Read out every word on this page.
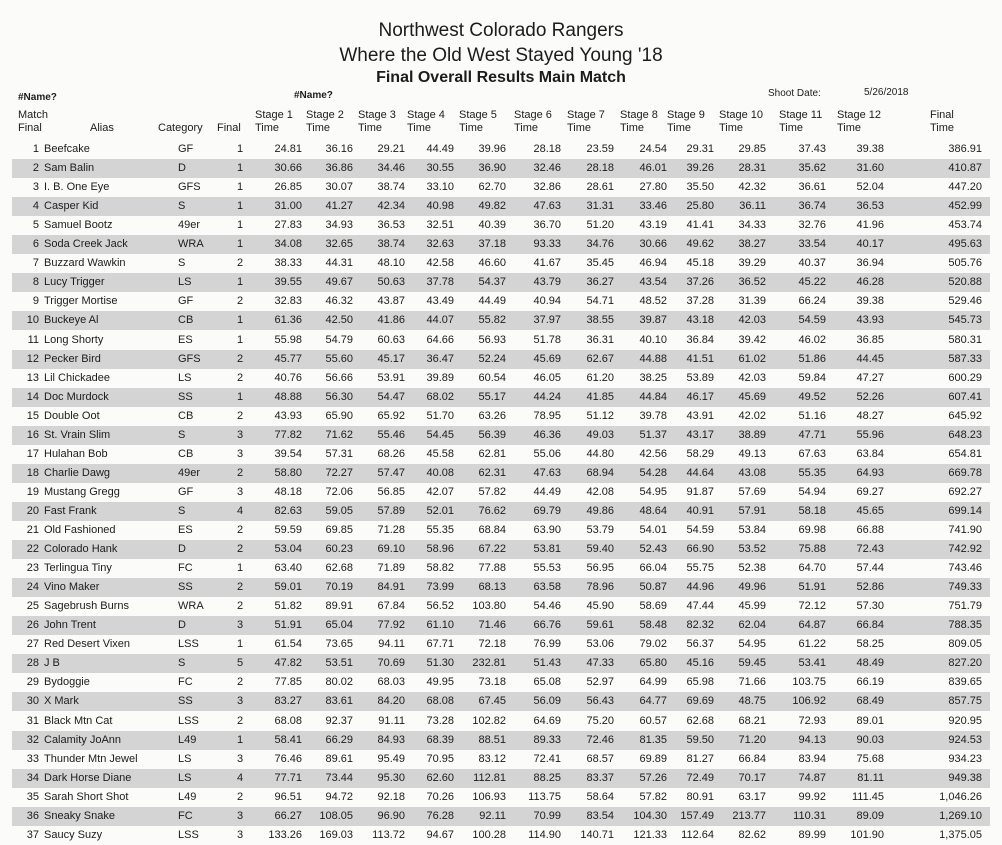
Northwest Colorado Rangers
Where the Old West Stayed Young '18
Final Overall Results Main Match
#Name?	#Name?	Shoot Date:	5/26/2018
Match
Final	Alias	Category	Final
Stage 1
Time
Stage 2
Time
Stage 3
Time
Stage 4
Time
Stage 5
Time
Stage 6
Time
Stage 7
Time
Stage 8
Time
Stage 9
Time
Stage 10
Time
Stage 11
Time
Stage 12
Time
Final
Time
1 Beefcake	GF	1	24.81	36.16	29.21	44.49	39.96	28.18	23.59	24.54	29.31	29.85	37.43	39.38	386.91
2 Sam Balin	D	1	30.66	36.86	34.46	30.55	36.90	32.46	28.18	46.01	39.26	28.31	35.62	31.60	410.87
3 I. B. One Eye	GFS	1	26.85	30.07	38.74	33.10	62.70	32.86	28.61	27.80	35.50	42.32	36.61	52.04	447.20
4 Casper Kid	S	1	31.00	41.27	42.34	40.98	49.82	47.63	31.31	33.46	25.80	36.11	36.74	36.53	452.99
5 Samuel Bootz	49er	1	27.83	34.93	36.53	32.51	40.39	36.70	51.20	43.19	41.41	34.33	32.76	41.96	453.74
6 Soda Creek Jack	WRA	1	34.08	32.65	38.74	32.63	37.18	93.33	34.76	30.66	49.62	38.27	33.54	40.17	495.63
7 Buzzard Wawkin	S	2	38.33	44.31	48.10	42.58	46.60	41.67	35.45	46.94	45.18	39.29	40.37	36.94	505.76
8 Lucy Trigger	LS	1	39.55	49.67	50.63	37.78	54.37	43.79	36.27	43.54	37.26	36.52	45.22	46.28	520.88
9 Trigger Mortise	GF	2	32.83	46.32	43.87	43.49	44.49	40.94	54.71	48.52	37.28	31.39	66.24	39.38	529.46
10 Buckeye Al	CB	1	61.36	42.50	41.86	44.07	55.82	37.97	38.55	39.87	43.18	42.03	54.59	43.93	545.73
11 Long Shorty	ES	1	55.98	54.79	60.63	64.66	56.93	51.78	36.31	40.10	36.84	39.42	46.02	36.85	580.31
12 Pecker Bird	GFS	2	45.77	55.60	45.17	36.47	52.24	45.69	62.67	44.88	41.51	61.02	51.86	44.45	587.33
13 Lil Chickadee	LS	2	40.76	56.66	53.91	39.89	60.54	46.05	61.20	38.25	53.89	42.03	59.84	47.27	600.29
14 Doc Murdock	SS	1	48.88	56.30	54.47	68.02	55.17	44.24	41.85	44.84	46.17	45.69	49.52	52.26	607.41
15 Double Oot	CB	2	43.93	65.90	65.92	51.70	63.26	78.95	51.12	39.78	43.91	42.02	51.16	48.27	645.92
16 St. Vrain Slim	S	3	77.82	71.62	55.46	54.45	56.39	46.36	49.03	51.37	43.17	38.89	47.71	55.96	648.23
17 Hulahan Bob	CB	3	39.54	57.31	68.26	45.58	62.81	55.06	44.80	42.56	58.29	49.13	67.63	63.84	654.81
18 Charlie Dawg	49er	2	58.80	72.27	57.47	40.08	62.31	47.63	68.94	54.28	44.64	43.08	55.35	64.93	669.78
19 Mustang Gregg	GF	3	48.18	72.06	56.85	42.07	57.82	44.49	42.08	54.95	91.87	57.69	54.94	69.27	692.27
20 Fast Frank	S	4	82.63	59.05	57.89	52.01	76.62	69.79	49.86	48.64	40.91	57.91	58.18	45.65	699.14
21 Old Fashioned	ES	2	59.59	69.85	71.28	55.35	68.84	63.90	53.79	54.01	54.59	53.84	69.98	66.88	741.90
22 Colorado Hank	D	2	53.04	60.23	69.10	58.96	67.22	53.81	59.40	52.43	66.90	53.52	75.88	72.43	742.92
23 Terlingua Tiny	FC	1	63.40	62.68	71.89	58.82	77.88	55.53	56.95	66.04	55.75	52.38	64.70	57.44	743.46
24 Vino Maker	SS	2	59.01	70.19	84.91	73.99	68.13	63.58	78.96	50.87	44.96	49.96	51.91	52.86	749.33
25 Sagebrush Burns	WRA	2	51.82	89.91	67.84	56.52	103.80	54.46	45.90	58.69	47.44	45.99	72.12	57.30	751.79
26 John Trent	D	3	51.91	65.04	77.92	61.10	71.46	66.76	59.61	58.48	82.32	62.04	64.87	66.84	788.35
27 Red Desert Vixen	LSS	1	61.54	73.65	94.11	67.71	72.18	76.99	53.06	79.02	56.37	54.95	61.22	58.25	809.05
28 J B	S	5	47.82	53.51	70.69	51.30	232.81	51.43	47.33	65.80	45.16	59.45	53.41	48.49	827.20
29 Bydoggie	FC	2	77.85	80.02	68.03	49.95	73.18	65.08	52.97	64.99	65.98	71.66	103.75	66.19	839.65
30 X Mark	SS	3	83.27	83.61	84.20	68.08	67.45	56.09	56.43	64.77	69.69	48.75	106.92	68.49	857.75
31 Black Mtn Cat	LSS	2	68.08	92.37	91.11	73.28	102.82	64.69	75.20	60.57	62.68	68.21	72.93	89.01	920.95
32 Calamity JoAnn	L49	1	58.41	66.29	84.93	68.39	88.51	89.33	72.46	81.35	59.50	71.20	94.13	90.03	924.53
33 Thunder Mtn Jewel	LS	3	76.46	89.61	95.49	70.95	83.12	72.41	68.57	69.89	81.27	66.84	83.94	75.68	934.23
34 Dark Horse Diane	LS	4	77.71	73.44	95.30	62.60	112.81	88.25	83.37	57.26	72.49	70.17	74.87	81.11	949.38
35 Sarah Short Shot	L49	2	96.51	94.72	92.18	70.26	106.93	113.75	58.64	57.82	80.91	63.17	99.92	111.45	1,046.26
36 Sneaky Snake	FC	3	66.27	108.05	96.90	76.28	92.11	70.99	83.54	104.30	157.49	213.77	110.31	89.09	1,269.10
37 Saucy Suzy	LSS	3	133.26	169.03	113.72	94.67	100.28	114.90	140.71	121.33	112.64	82.62	89.99	101.90	1,375.05
